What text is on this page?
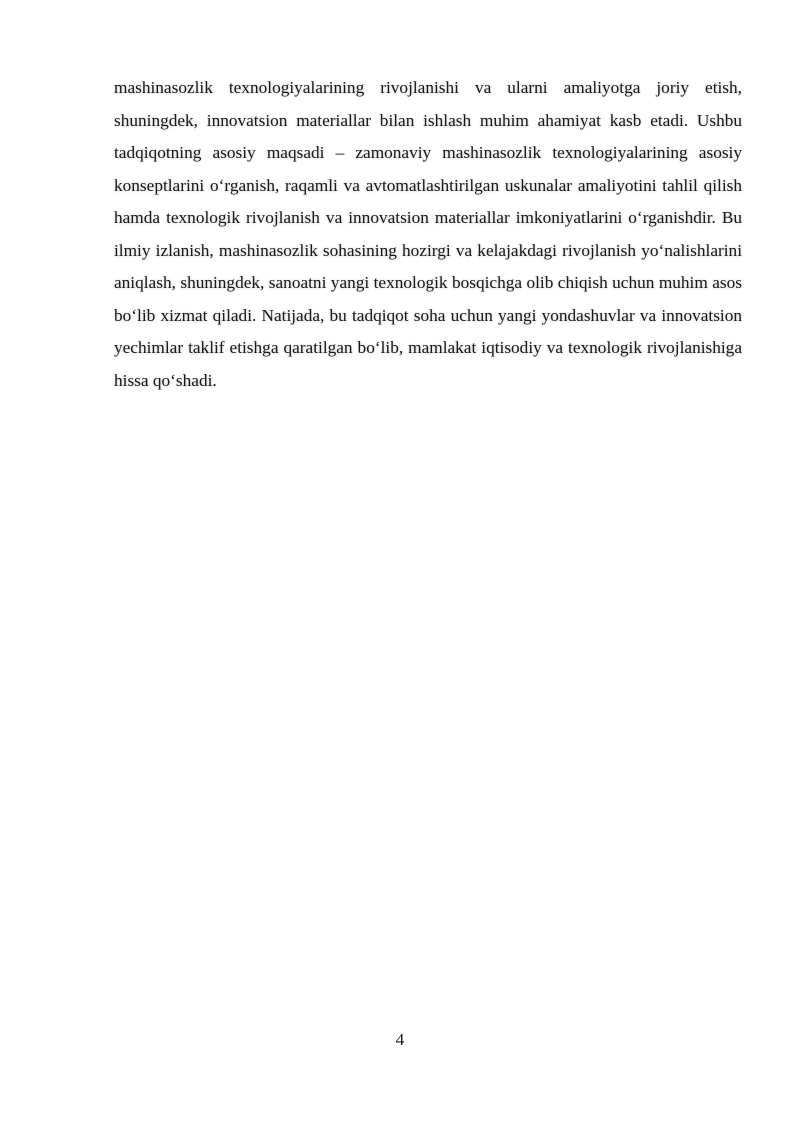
mashinasozlik texnologiyalarining rivojlanishi va ularni amaliyotga joriy etish, shuningdek, innovatsion materiallar bilan ishlash muhim ahamiyat kasb etadi. Ushbu tadqiqotning asosiy maqsadi – zamonaviy mashinasozlik texnologiyalarining asosiy konseptlarini o‘rganish, raqamli va avtomatlashtirilgan uskunalar amaliyotini tahlil qilish hamda texnologik rivojlanish va innovatsion materiallar imkoniyatlarini o‘rganishdir. Bu ilmiy izlanish, mashinasozlik sohasining hozirgi va kelajakdagi rivojlanish yo‘nalishlarini aniqlash, shuningdek, sanoatni yangi texnologik bosqichga olib chiqish uchun muhim asos bo‘lib xizmat qiladi. Natijada, bu tadqiqot soha uchun yangi yondashuvlar va innovatsion yechimlar taklif etishga qaratilgan bo‘lib, mamlakat iqtisodiy va texnologik rivojlanishiga hissa qo‘shadi.

4
